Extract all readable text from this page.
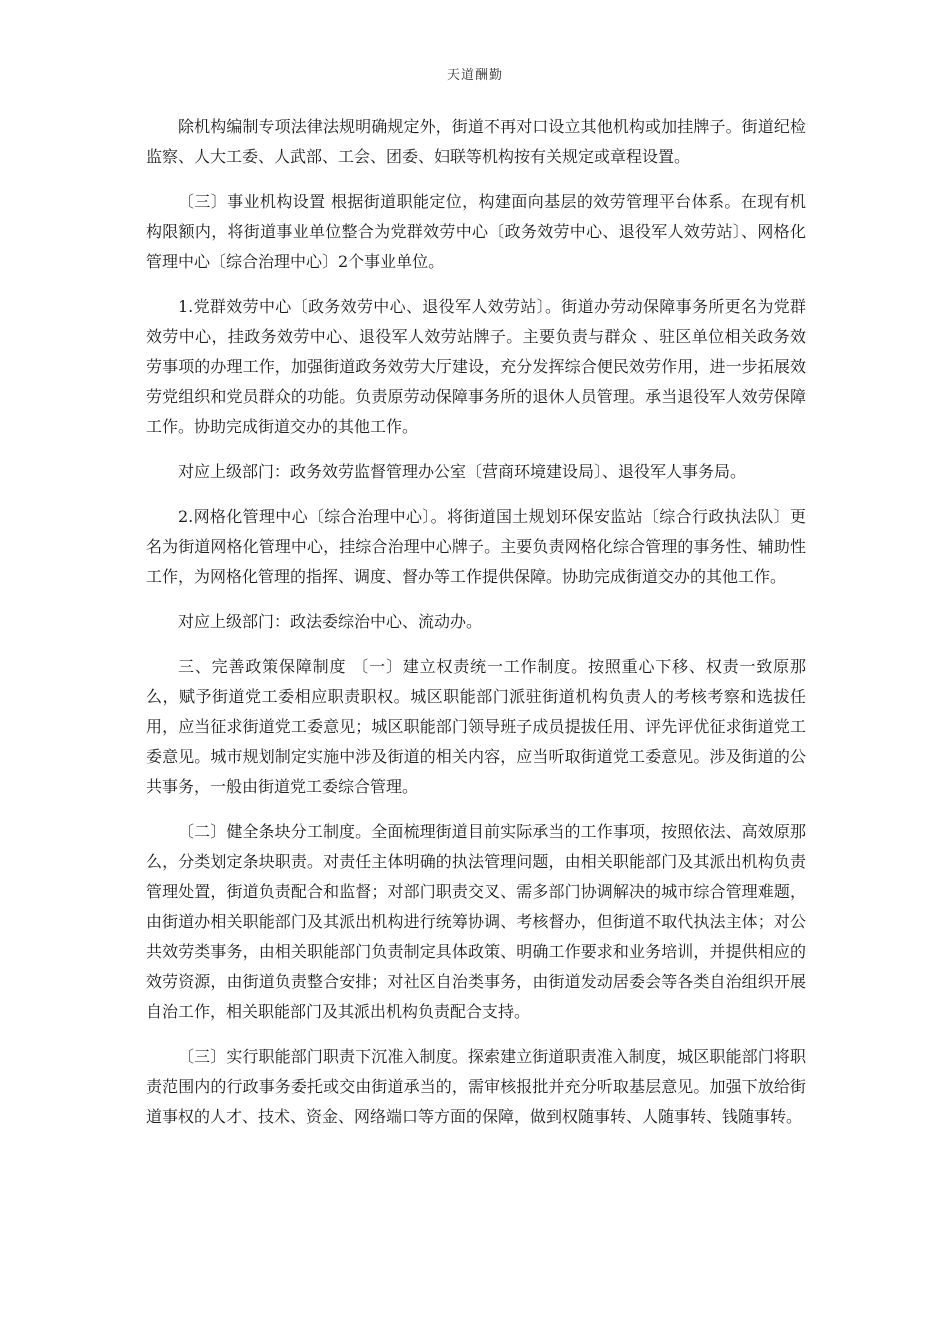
天道酬勤

除机构编制专项法律法规明确规定外，街道不再对口设立其他机构或加挂牌子。街道纪检监察、人大工委、人武部、工会、团委、妇联等机构按有关规定或章程设置。

〔三〕事业机构设置 根据街道职能定位，构建面向基层的效劳管理平台体系。在现有机构限额内，将街道事业单位整合为党群效劳中心〔政务效劳中心、退役军人效劳站〕、网格化管理中心〔综合治理中心〕2个事业单位。

1.党群效劳中心〔政务效劳中心、退役军人效劳站〕。街道办劳动保障事务所更名为党群效劳中心，挂政务效劳中心、退役军人效劳站牌子。主要负责与群众 、驻区单位相关政务效劳事项的办理工作，加强街道政务效劳大厅建设，充分发挥综合便民效劳作用，进一步拓展效劳党组织和党员群众的功能。负责原劳动保障事务所的退休人员管理。承当退役军人效劳保障工作。协助完成街道交办的其他工作。

对应上级部门：政务效劳监督管理办公室〔营商环境建设局〕、退役军人事务局。

2.网格化管理中心〔综合治理中心〕。将街道国土规划环保安监站〔综合行政执法队〕更名为街道网格化管理中心，挂综合治理中心牌子。主要负责网格化综合管理的事务性、辅助性工作，为网格化管理的指挥、调度、督办等工作提供保障。协助完成街道交办的其他工作。

对应上级部门：政法委综治中心、流动办。

三、完善政策保障制度 〔一〕建立权责统一工作制度。按照重心下移、权责一致原那么，赋予街道党工委相应职责职权。城区职能部门派驻街道机构负责人的考核考察和选拔任用，应当征求街道党工委意见；城区职能部门领导班子成员提拔任用、评先评优征求街道党工委意见。城市规划制定实施中涉及街道的相关内容，应当听取街道党工委意见。涉及街道的公共事务，一般由街道党工委综合管理。

〔二〕健全条块分工制度。全面梳理街道目前实际承当的工作事项，按照依法、高效原那么，分类划定条块职责。对责任主体明确的执法管理问题，由相关职能部门及其派出机构负责管理处置，街道负责配合和监督；对部门职责交叉、需多部门协调解决的城市综合管理难题，由街道办相关职能部门及其派出机构进行统筹协调、考核督办，但街道不取代执法主体；对公共效劳类事务，由相关职能部门负责制定具体政策、明确工作要求和业务培训，并提供相应的效劳资源，由街道负责整合安排；对社区自治类事务，由街道发动居委会等各类自治组织开展自治工作，相关职能部门及其派出机构负责配合支持。

〔三〕实行职能部门职责下沉准入制度。探索建立街道职责准入制度，城区职能部门将职责范围内的行政事务委托或交由街道承当的，需审核报批并充分听取基层意见。加强下放给街道事权的人才、技术、资金、网络端口等方面的保障，做到权随事转、人随事转、钱随事转。
